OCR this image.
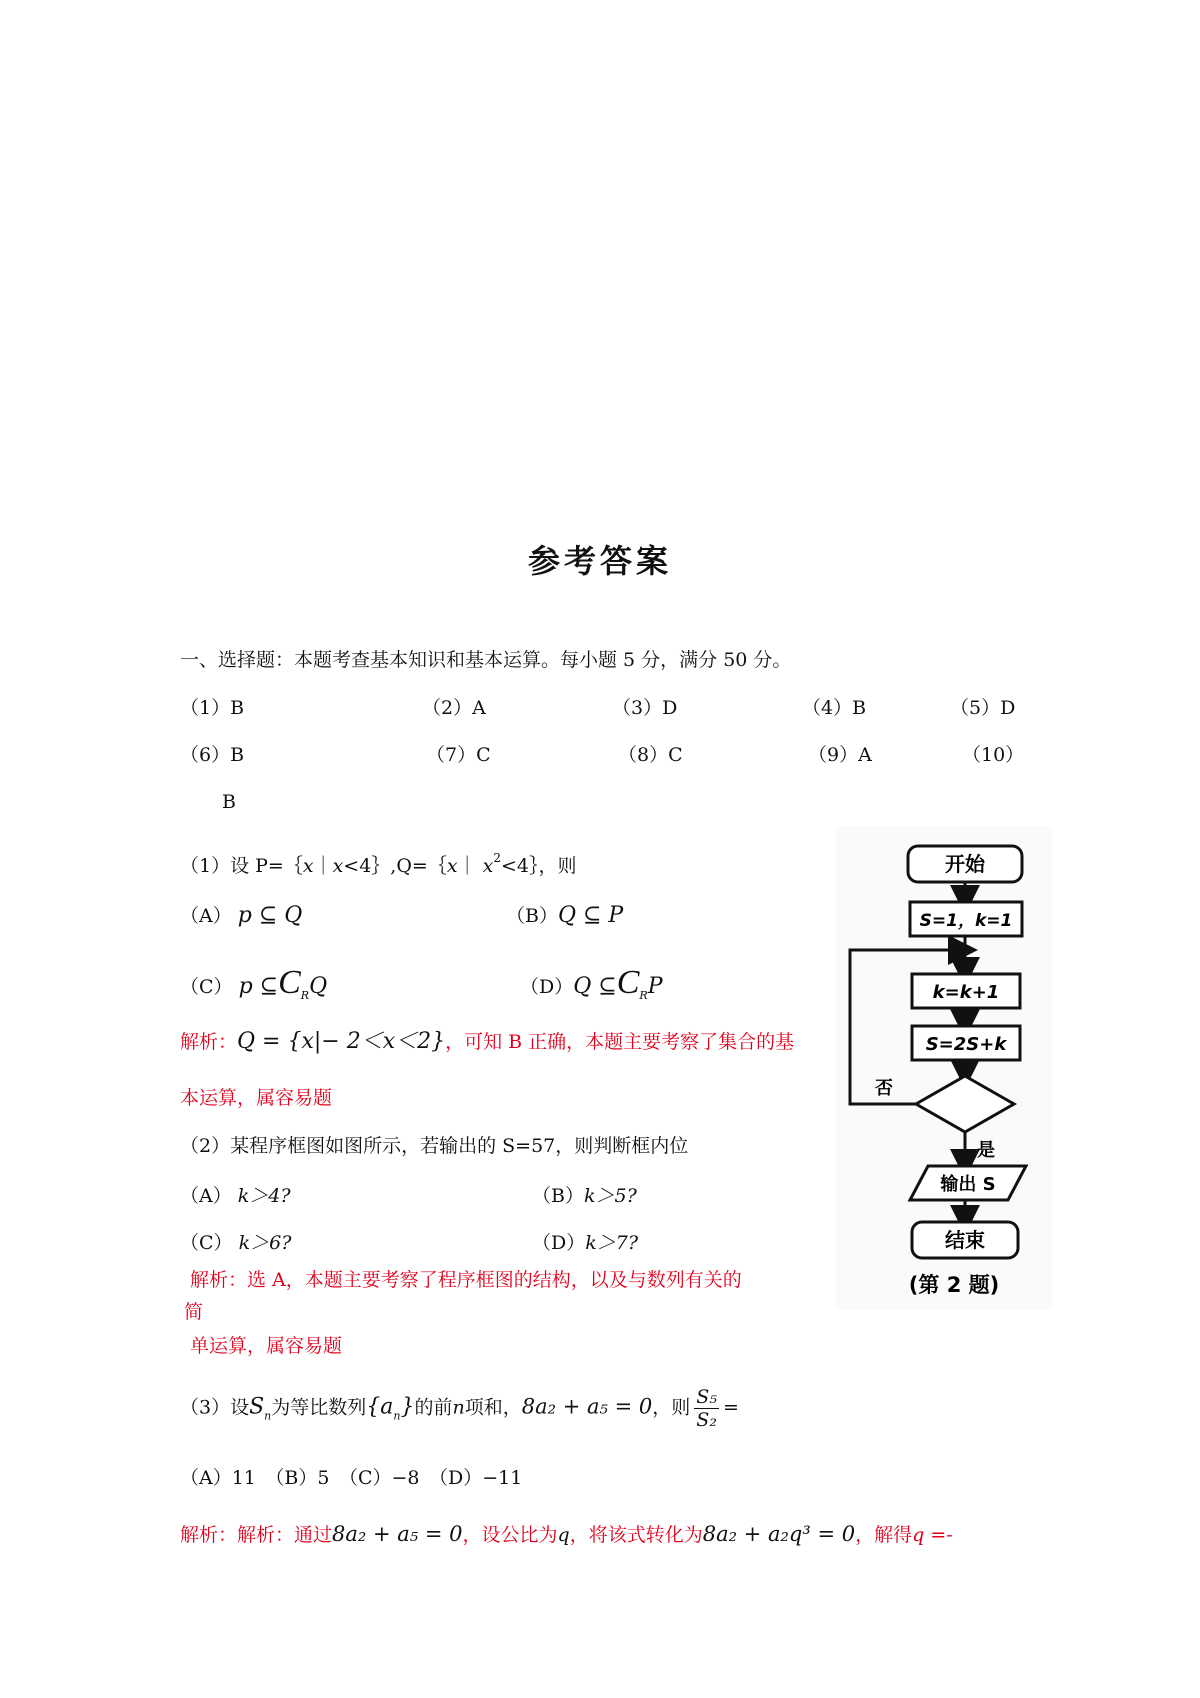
参考答案
一、选择题：本题考查基本知识和基本运算。每小题 5 分，满分 50 分。
（1）B	（2）A	（3）D	（4）B	（5）D
（6）B	（7）C	（8）C	（9）A	（10）
B
（1）设 P=｛x｜x<4｝,Q=｛x｜ $x^2<4\}$，则
（A） p ⊆ Q	（B）Q ⊆ P
（C） p $⊆C_RQ$	（D）Q $⊆C_RP$
解析：Q = {x|− 2＜x＜2}，可知 B 正确，本题主要考察了集合的基
本运算，属容易题
（2）某程序框图如图所示，若输出的 S=57，则判断框内位
（A） k＞4?	（B）k＞5?
（C） k＞6?	（D）k＞7?
解析：选 A，本题主要考察了程序框图的结构，以及与数列有关的
简
单运算，属容易题
（3）设$S_n$为等比数列$\{a_n\}$的前n项和，8a₂ + a₅ = 0，则 $\frac{\text{S₅}}{\text{S₂}}$ =
（A）11　（B）5　（C）−8　（D）−11
解析：解析：通过8a₂ + a₅ = 0，设公比为q，将该式转化为8a₂ + a₂q³ = 0，解得q =-
开始
S=1，k=1
k=k+1
S=2S+k
否
是
输出 S
结束
(第 2 题)
